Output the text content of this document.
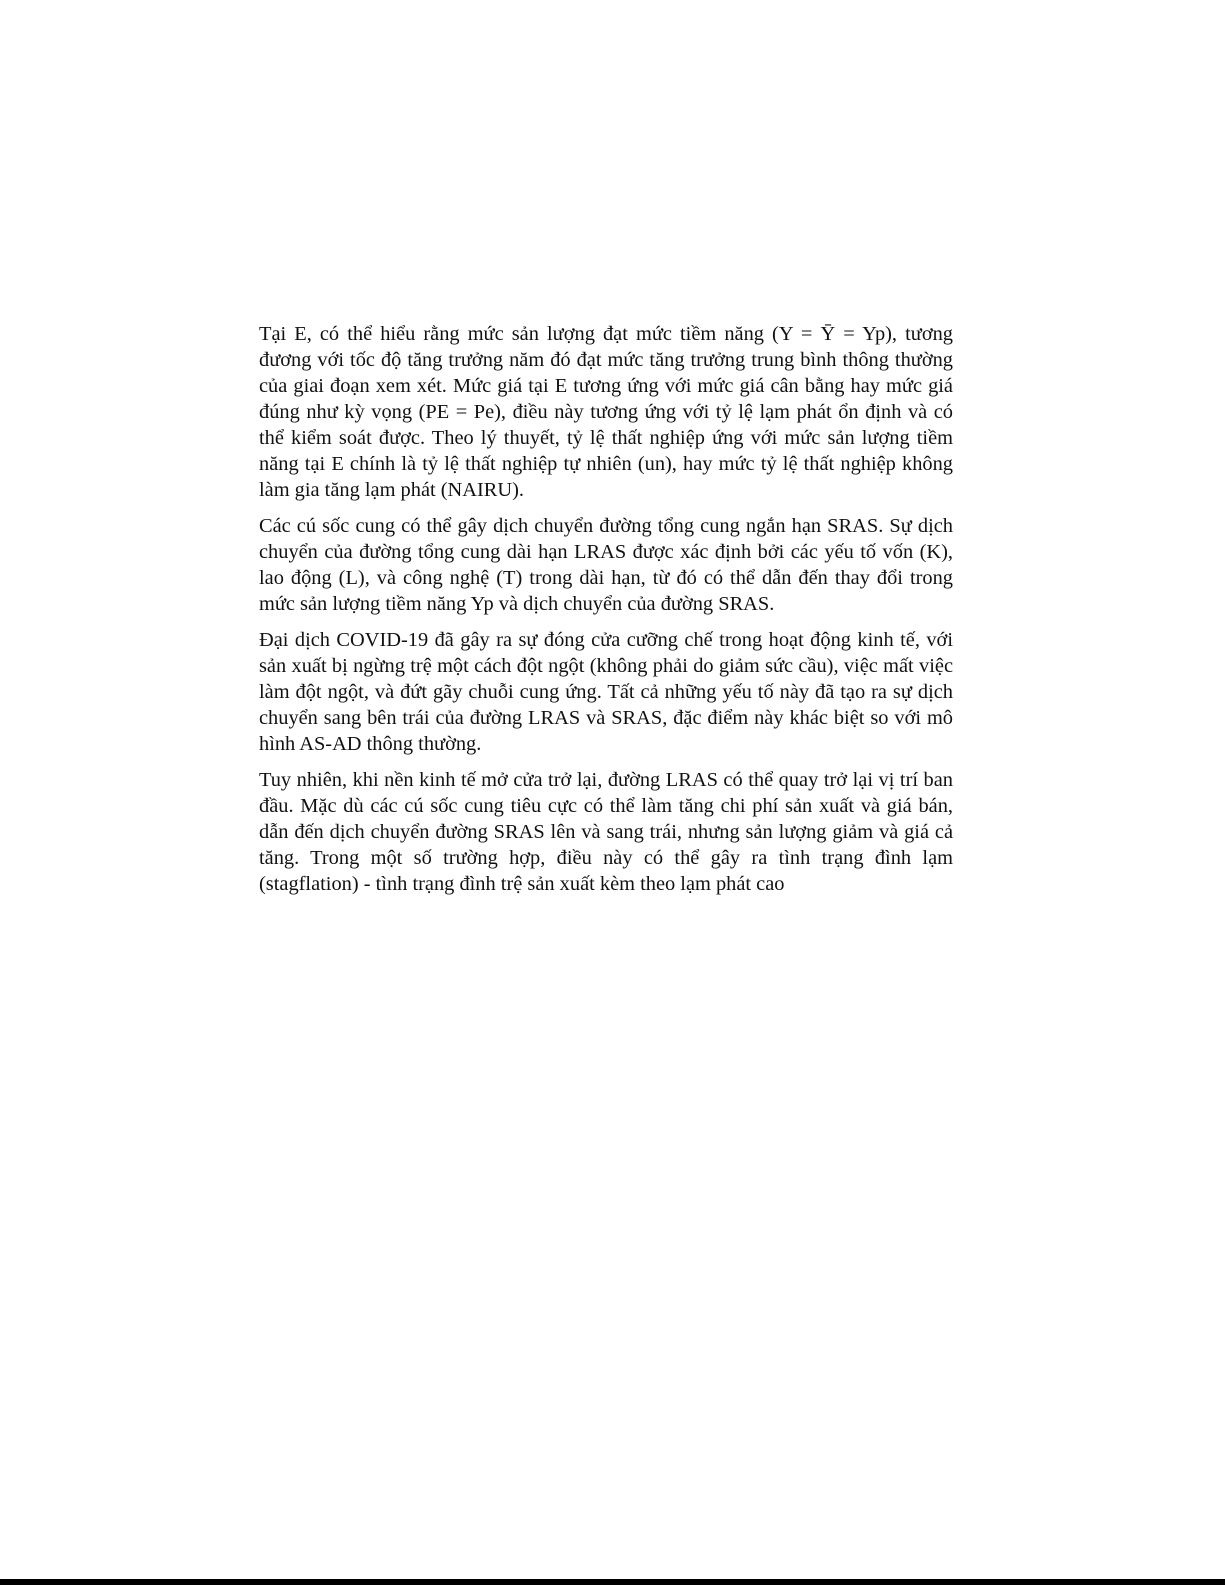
Tại E, có thể hiểu rằng mức sản lượng đạt mức tiềm năng (Y = Ȳ = Yp), tương đương với tốc độ tăng trưởng năm đó đạt mức tăng trưởng trung bình thông thường của giai đoạn xem xét. Mức giá tại E tương ứng với mức giá cân bằng hay mức giá đúng như kỳ vọng (PE = Pe), điều này tương ứng với tỷ lệ lạm phát ổn định và có thể kiểm soát được. Theo lý thuyết, tỷ lệ thất nghiệp ứng với mức sản lượng tiềm năng tại E chính là tỷ lệ thất nghiệp tự nhiên (un), hay mức tỷ lệ thất nghiệp không làm gia tăng lạm phát (NAIRU).

Các cú sốc cung có thể gây dịch chuyển đường tổng cung ngắn hạn SRAS. Sự dịch chuyển của đường tổng cung dài hạn LRAS được xác định bởi các yếu tố vốn (K), lao động (L), và công nghệ (T) trong dài hạn, từ đó có thể dẫn đến thay đổi trong mức sản lượng tiềm năng Yp và dịch chuyển của đường SRAS.

Đại dịch COVID-19 đã gây ra sự đóng cửa cưỡng chế trong hoạt động kinh tế, với sản xuất bị ngừng trệ một cách đột ngột (không phải do giảm sức cầu), việc mất việc làm đột ngột, và đứt gãy chuỗi cung ứng. Tất cả những yếu tố này đã tạo ra sự dịch chuyển sang bên trái của đường LRAS và SRAS, đặc điểm này khác biệt so với mô hình AS-AD thông thường.

Tuy nhiên, khi nền kinh tế mở cửa trở lại, đường LRAS có thể quay trở lại vị trí ban đầu. Mặc dù các cú sốc cung tiêu cực có thể làm tăng chi phí sản xuất và giá bán, dẫn đến dịch chuyển đường SRAS lên và sang trái, nhưng sản lượng giảm và giá cả tăng. Trong một số trường hợp, điều này có thể gây ra tình trạng đình lạm (stagflation) - tình trạng đình trệ sản xuất kèm theo lạm phát cao
